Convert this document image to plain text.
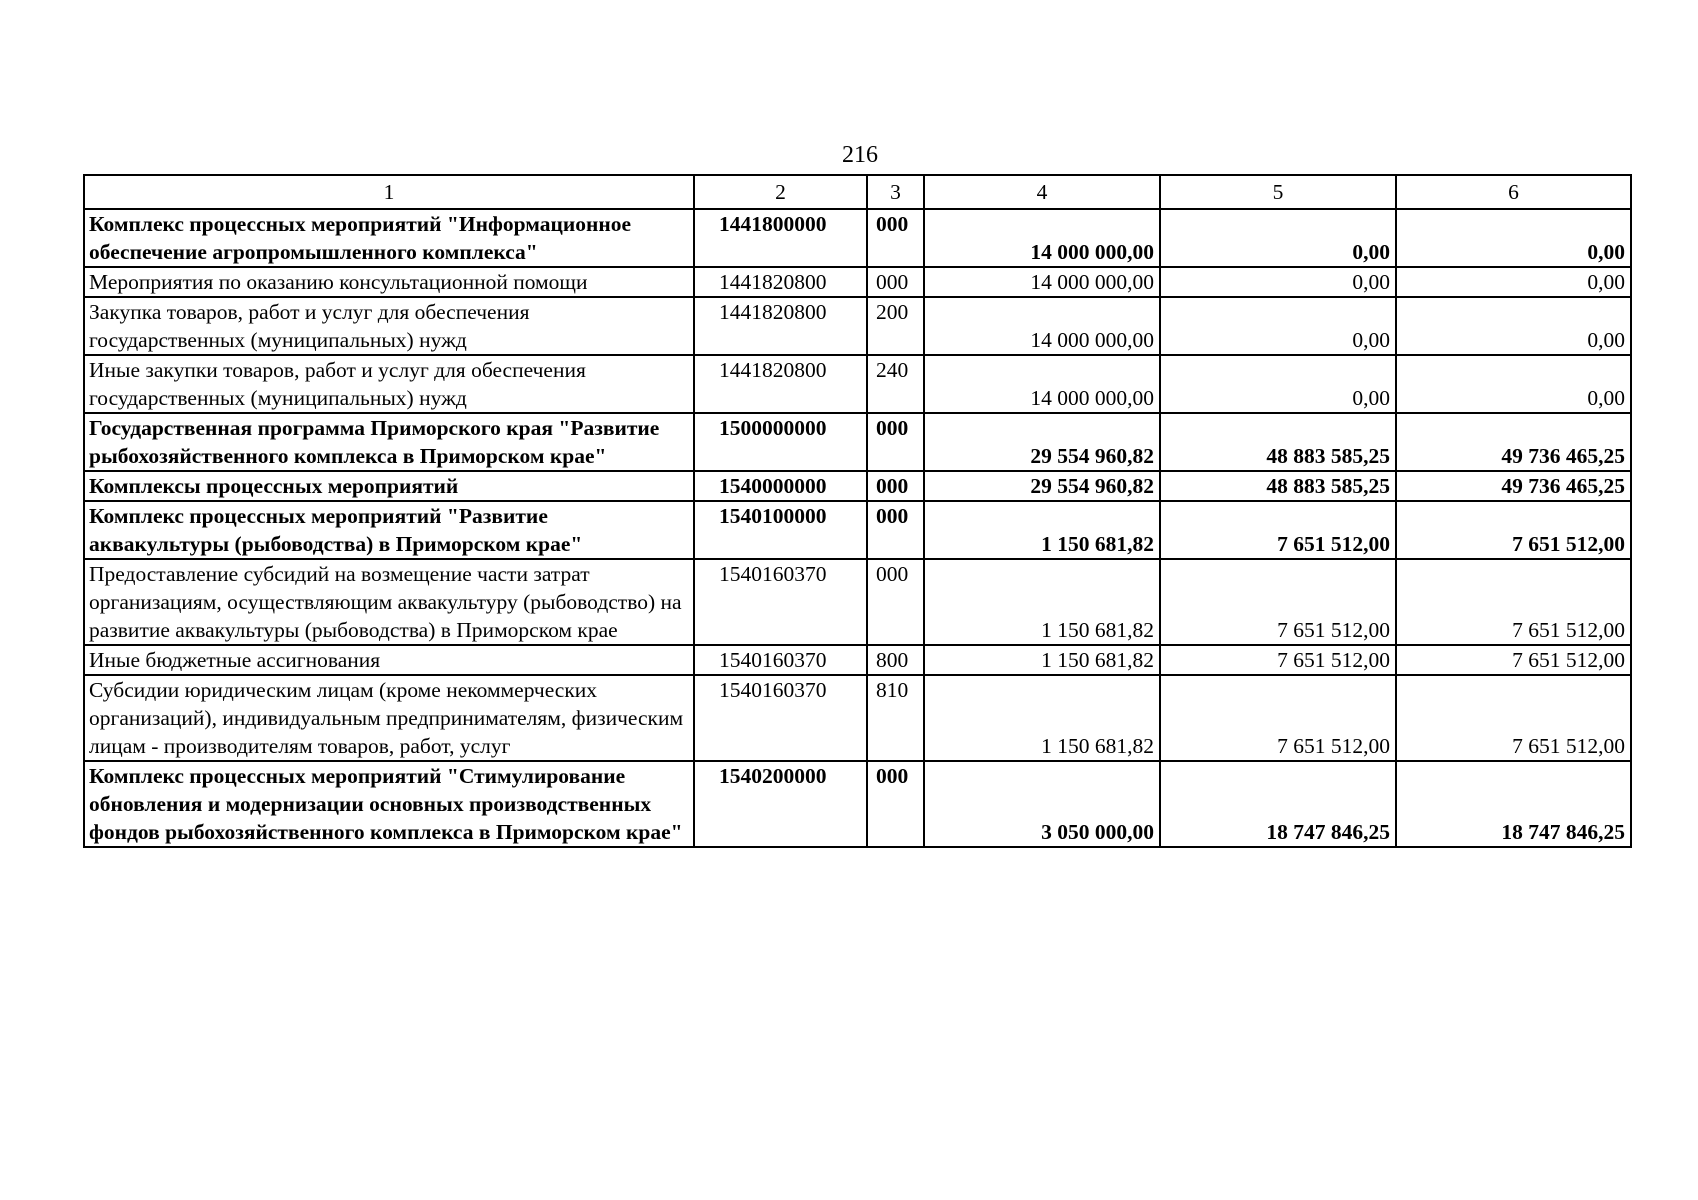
216
1	2	3	4	5	6
Комплекс процессных мероприятий "Информационное обеспечение агропромышленного комплекса"	1441800000	000	14 000 000,00	0,00	0,00
Мероприятия по оказанию консультационной помощи	1441820800	000	14 000 000,00	0,00	0,00
Закупка товаров, работ и услуг для обеспечения государственных (муниципальных) нужд	1441820800	200	14 000 000,00	0,00	0,00
Иные закупки товаров, работ и услуг для обеспечения государственных (муниципальных) нужд	1441820800	240	14 000 000,00	0,00	0,00
Государственная программа Приморского края "Развитие рыбохозяйственного комплекса в Приморском крае"	1500000000	000	29 554 960,82	48 883 585,25	49 736 465,25
Комплексы процессных мероприятий	1540000000	000	29 554 960,82	48 883 585,25	49 736 465,25
Комплекс процессных мероприятий "Развитие аквакультуры (рыбоводства) в Приморском крае"	1540100000	000	1 150 681,82	7 651 512,00	7 651 512,00
Предоставление субсидий на возмещение части затрат организациям, осуществляющим аквакультуру (рыбоводство) на развитие аквакультуры (рыбоводства) в Приморском крае	1540160370	000	1 150 681,82	7 651 512,00	7 651 512,00
Иные бюджетные ассигнования	1540160370	800	1 150 681,82	7 651 512,00	7 651 512,00
Субсидии юридическим лицам (кроме некоммерческих организаций), индивидуальным предпринимателям, физическим лицам - производителям товаров, работ, услуг	1540160370	810	1 150 681,82	7 651 512,00	7 651 512,00
Комплекс процессных мероприятий "Стимулирование обновления и модернизации основных производственных фондов рыбохозяйственного комплекса в Приморском крае"	1540200000	000	3 050 000,00	18 747 846,25	18 747 846,25
